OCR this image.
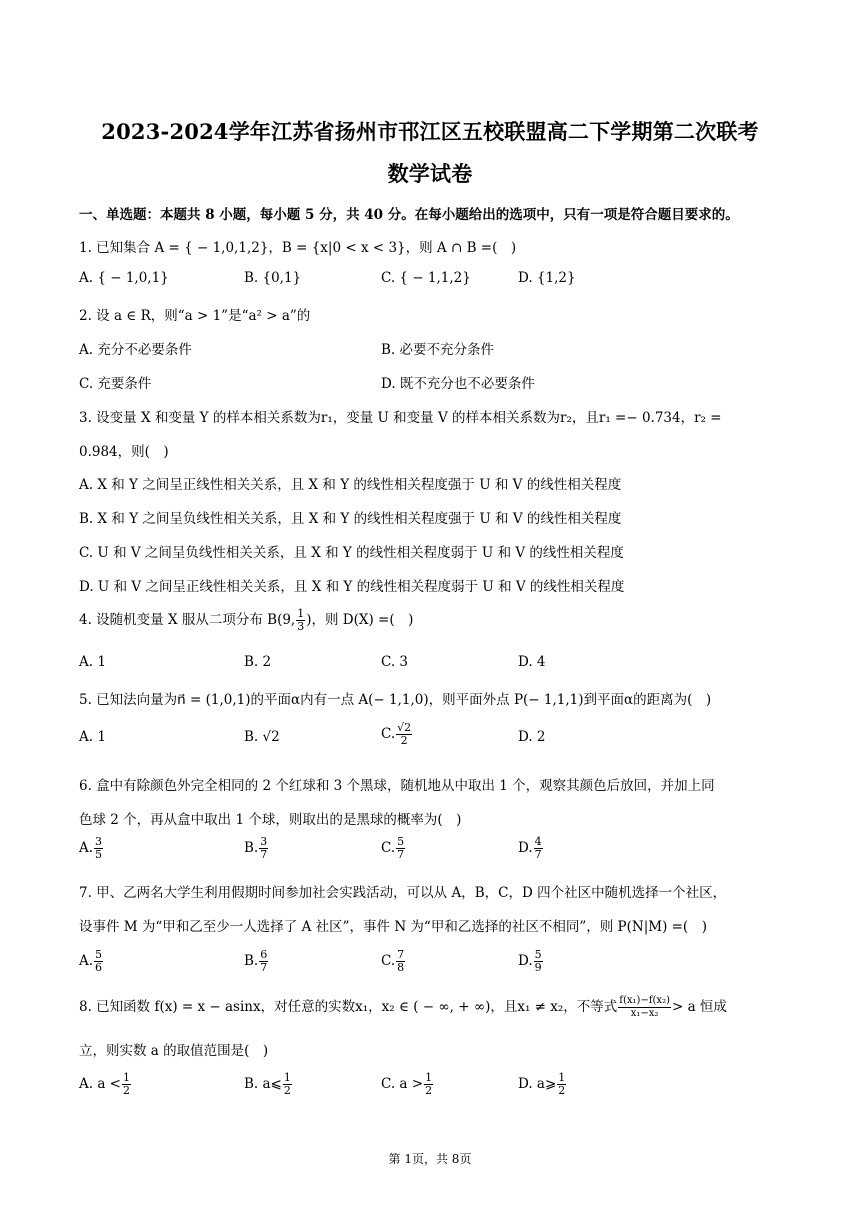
2023-2024学年江苏省扬州市邗江区五校联盟高二下学期第二次联考
数学试卷
一、单选题：本题共 8 小题，每小题 5 分，共 40 分。在每小题给出的选项中，只有一项是符合题目要求的。
1. 已知集合 A = { − 1,0,1,2}，B = {x|0 < x < 3}，则 A ∩ B =(　)
A. { − 1,0,1}	B. {0,1}	C. { − 1,1,2}	D. {1,2}
2. 设 a ∈ R，则“a > 1”是“a² > a”的
A. 充分不必要条件	B. 必要不充分条件
C. 充要条件	D. 既不充分也不必要条件
3. 设变量 X 和变量 Y 的样本相关系数为r₁，变量 U 和变量 V 的样本相关系数为r₂，且r₁ =− 0.734，r₂ =
0.984，则(　)
A. X 和 Y 之间呈正线性相关关系，且 X 和 Y 的线性相关程度强于 U 和 V 的线性相关程度
B. X 和 Y 之间呈负线性相关关系，且 X 和 Y 的线性相关程度强于 U 和 V 的线性相关程度
C. U 和 V 之间呈负线性相关关系，且 X 和 Y 的线性相关程度弱于 U 和 V 的线性相关程度
D. U 和 V 之间呈正线性相关关系，且 X 和 Y 的线性相关程度弱于 U 和 V 的线性相关程度
4. 设随机变量 X 服从二项分布 B(9, $\frac{1}{3}$ )，则 D(X) =(　)
A. 1	B. 2	C. 3	D. 4
5. 已知法向量为n⃗ = (1,0,1)的平面α内有一点 A(− 1,1,0)，则平面外点 P(− 1,1,1)到平面α的距离为(　)
A. 1	B. √2	C. $\frac{√2}{2}$	D. 2
6. 盒中有除颜色外完全相同的 2 个红球和 3 个黑球，随机地从中取出 1 个，观察其颜色后放回，并加上同
色球 2 个，再从盒中取出 1 个球，则取出的是黑球的概率为(　)
A. $\frac{3}{5}$	B. $\frac{3}{7}$	C. $\frac{5}{7}$	D. $\frac{4}{7}$
7. 甲、乙两名大学生利用假期时间参加社会实践活动，可以从 A，B，C，D 四个社区中随机选择一个社区，
设事件 M 为“甲和乙至少一人选择了 A 社区”，事件 N 为“甲和乙选择的社区不相同”，则 P(N|M) =(　)
A. $\frac{5}{6}$	B. $\frac{6}{7}$	C. $\frac{7}{8}$	D. $\frac{5}{9}$
8. 已知函数 f(x) = x − asinx，对任意的实数x₁，x₂ ∈ ( − ∞, + ∞)，且x₁ ≠ x₂，不等式 $\frac{\text{f(x₁)−f(x₂)}}{\text{x₁−x₂}} > a$ 恒成
立，则实数 a 的取值范围是(　)
A. $a < \frac{1}{2}$	B. a⩽ $\frac{1}{2}$	C. $a > \frac{1}{2}$	D. a⩾ $\frac{1}{2}$
第 1页，共 8页
